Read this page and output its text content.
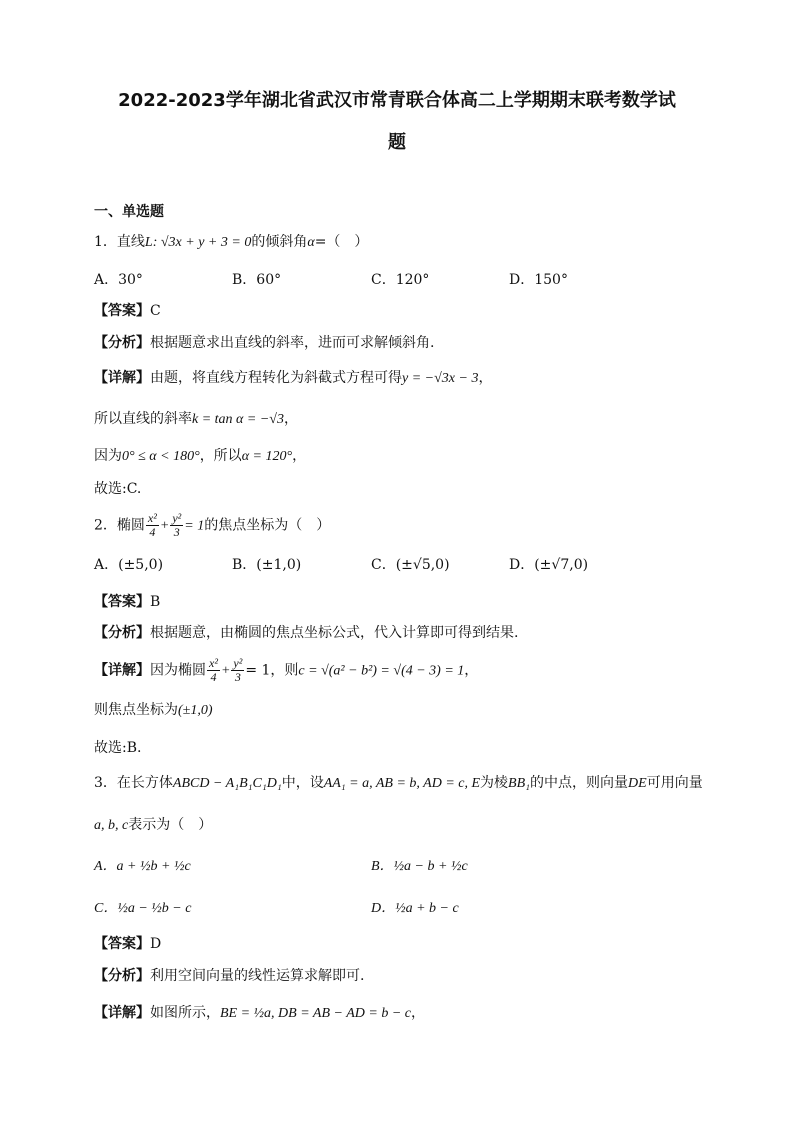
2022-2023学年湖北省武汉市常青联合体高二上学期期末联考数学试
题
一、单选题
1．直线L: √3x + y + 3 = 0的倾斜角α=（　）
A．30°	B．60°	C．120°	D．150°
【答案】C
【分析】根据题意求出直线的斜率，进而可求解倾斜角.
【详解】由题，将直线方程转化为斜截式方程可得y = −√3x − 3，
所以直线的斜率k = tan α = −√3，
因为0° ≤ α < 180°，所以α = 120°，
故选:C.
2．椭圆 $\frac{\text{x²}}{4} + \frac{\text{y²}}{3} = 1$的焦点坐标为（　）
A．(±5,0)	B．(±1,0)	C．(±√5,0)	D．(±√7,0)
【答案】B
【分析】根据题意，由椭圆的焦点坐标公式，代入计算即可得到结果.
【详解】因为椭圆 $\frac{\text{x²}}{4} + \frac{\text{y²}}{3} = 1$，则c = √(a² − b²) = √(4 − 3) = 1，
则焦点坐标为(±1,0)
故选:B.
3．在长方体ABCD − A₁B₁C₁D₁中，设AA₁ = a, AB = b, AD = c, E为棱BB₁的中点，则向量DE可用向量
a, b, c表示为（　）
A．a + ½b + ½c	B．½a − b + ½c
C．½a − ½b − c	D．½a + b − c
【答案】D
【分析】利用空间向量的线性运算求解即可.
【详解】如图所示，BE = ½a, DB = AB − AD = b − c，
